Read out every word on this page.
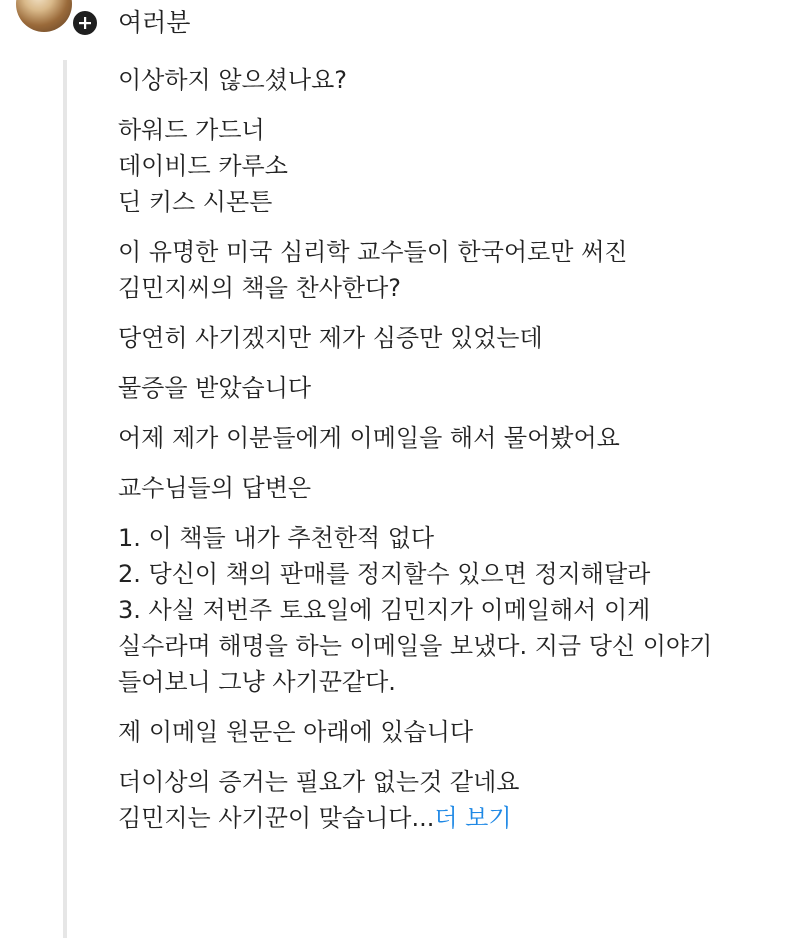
여러분
이상하지 않으셨나요?
하워드 가드너
데이비드 카루소
딘 키스 시몬튼
이 유명한 미국 심리학 교수들이 한국어로만 써진
김민지씨의 책을 찬사한다?
당연히 사기겠지만 제가 심증만 있었는데
물증을 받았습니다
어제 제가 이분들에게 이메일을 해서 물어봤어요
교수님들의 답변은
1. 이 책들 내가 추천한적 없다
2. 당신이 책의 판매를 정지할수 있으면 정지해달라
3. 사실 저번주 토요일에 김민지가 이메일해서 이게
실수라며 해명을 하는 이메일을 보냈다. 지금 당신 이야기
들어보니 그냥 사기꾼같다.
제 이메일 원문은 아래에 있습니다
더이상의 증거는 필요가 없는것 같네요
김민지는 사기꾼이 맞습니다...더 보기
